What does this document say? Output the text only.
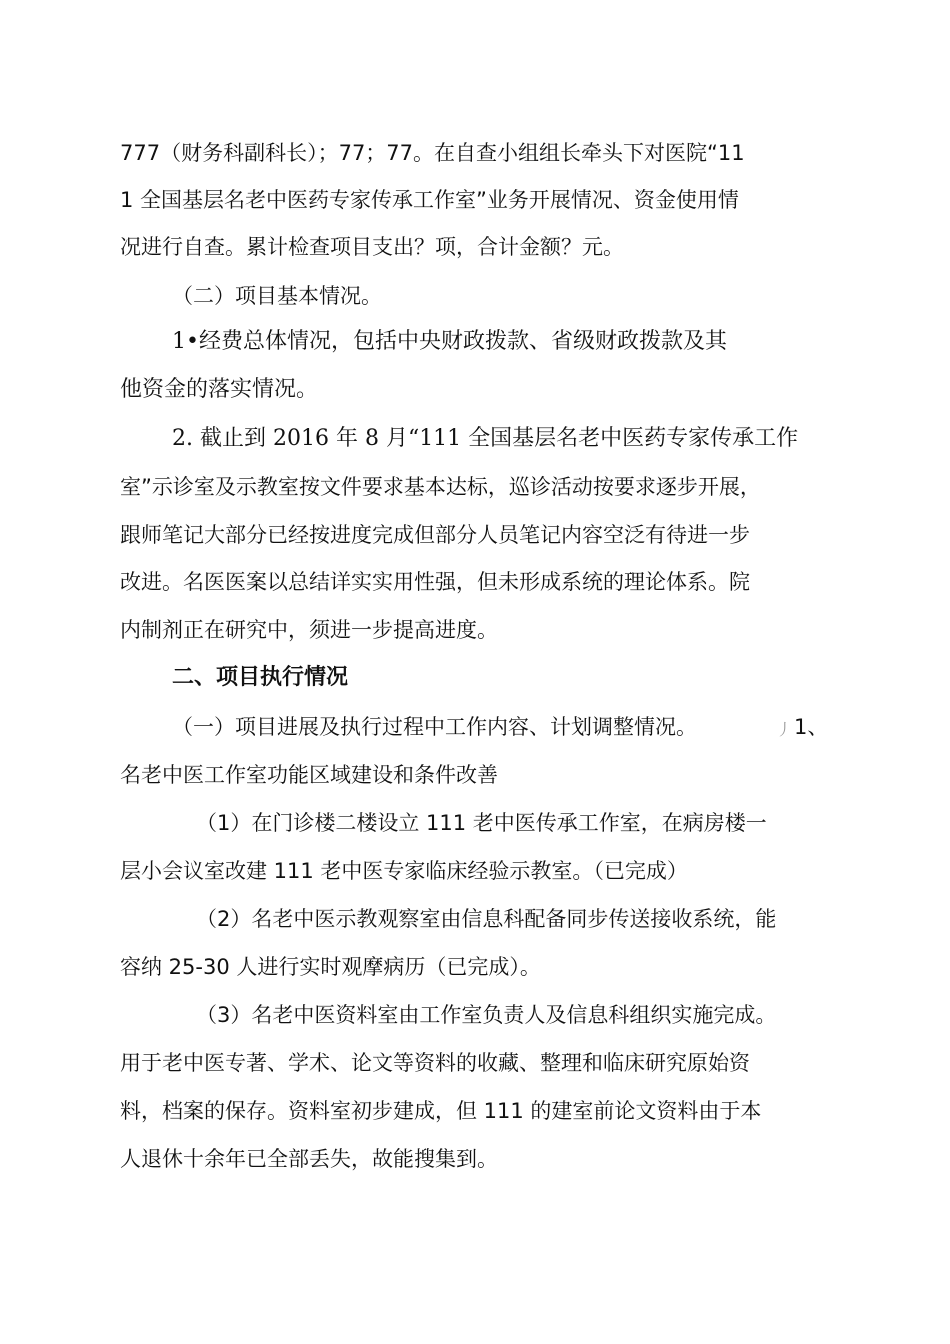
777（财务科副科长）；77；77。在自查小组组长牵头下对医院“11
1 全国基层名老中医药专家传承工作室”业务开展情况、资金使用情
况进行自查。累计检查项目支出？项，合计金额？元。
（二）项目基本情况。
1•经费总体情况，包括中央财政拨款、省级财政拨款及其
他资金的落实情况。
2. 截止到 2016 年 8 月“111 全国基层名老中医药专家传承工作
室”示诊室及示教室按文件要求基本达标，巡诊活动按要求逐步开展，
跟师笔记大部分已经按进度完成但部分人员笔记内容空泛有待进一步
改进。名医医案以总结详实实用性强，但未形成系统的理论体系。院
内制剂正在研究中，须进一步提高进度。
二、项目执行情况
（一）项目进展及执行过程中工作内容、计划调整情况。	丿 1、
名老中医工作室功能区域建设和条件改善
（1）在门诊楼二楼设立 111 老中医传承工作室，在病房楼一
层小会议室改建 111 老中医专家临床经验示教室。（已完成）
（2）名老中医示教观察室由信息科配备同步传送接收系统，能
容纳 25-30 人进行实时观摩病历（已完成）。
（3）名老中医资料室由工作室负责人及信息科组织实施完成。
用于老中医专著、学术、论文等资料的收藏、整理和临床研究原始资
料，档案的保存。资料室初步建成，但 111 的建室前论文资料由于本
人退休十余年已全部丢失，故能搜集到。
